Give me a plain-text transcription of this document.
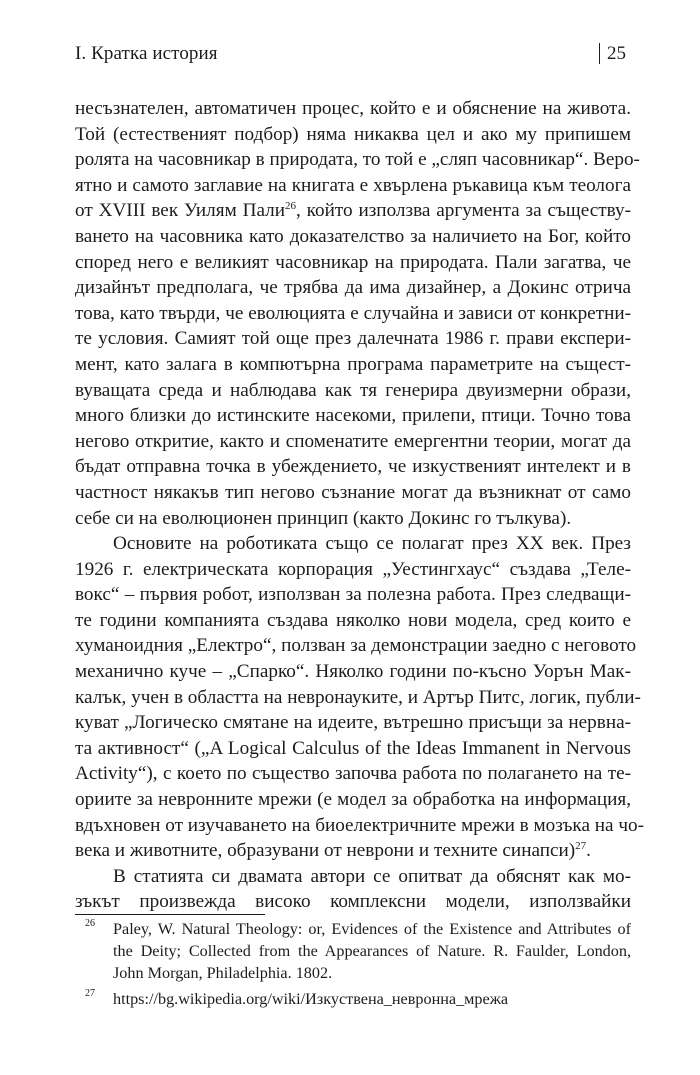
I. Кратка история	25

несъзнателен, автоматичен процес, който е и обяснение на живота.
Той (естественият подбор) няма никаква цел и ако му припишем
ролята на часовникар в природата, то той е „сляп часовникар“. Веро-
ятно и самото заглавие на книгата е хвърлена ръкавица към теолога
от XVIII век Уилям Пали$^{26}$, който използва аргумента за съществу-
ването на часовника като доказателство за наличието на Бог, който
според него е великият часовникар на природата. Пали загатва, че
дизайнът предполага, че трябва да има дизайнер, а Докинс отрича
това, като твърди, че еволюцията е случайна и зависи от конкретни-
те условия. Самият той още през далечната 1986 г. прави експери-
мент, като залага в компютърна програма параметрите на същест-
вуващата среда и наблюдава как тя генерира двуизмерни образи,
много близки до истинските насекоми, прилепи, птици. Точно това
негово откритие, както и споменатите емергентни теории, могат да
бъдат отправна точка в убеждението, че изкуственият интелект и в
частност някакъв тип негово съзнание могат да възникнат от само
себе си на еволюционен принцип (както Докинс го тълкува).

Основите на роботиката също се полагат през XX век. През
1926 г. електрическата корпорация „Уестингхаус“ създава „Теле-
вокс“ – първия робот, използван за полезна работа. През следващи-
те години компанията създава няколко нови модела, сред които е
хуманоидния „Електро“, ползван за демонстрации заедно с неговото
механично куче – „Спарко“. Няколко години по-късно Уорън Мак-
калък, учен в областта на невронауките, и Артър Питс, логик, публи-
куват „Логическо смятане на идеите, вътрешно присъщи за нервна-
та активност“ („A Logical Calculus of the Ideas Immanent in Nervous
Activity“), с което по същество започва работа по полагането на те-
ориите за невронните мрежи (е модел за обработка на информация,
вдъхновен от изучаването на биоелектричните мрежи в мозъка на чо-
века и животните, образувани от неврони и техните синапси)$^{27}$.

В статията си двамата автори се опитват да обяснят как мо-
зъкът произвежда високо комплексни модели, използвайки

26 Paley, W. Natural Theology: or, Evidences of the Existence and Attributes of
the Deity; Collected from the Appearances of Nature. R. Faulder, London,
John Morgan, Philadelphia. 1802.
27 https://bg.wikipedia.org/wiki/Изкуствена_невронна_мрежа
